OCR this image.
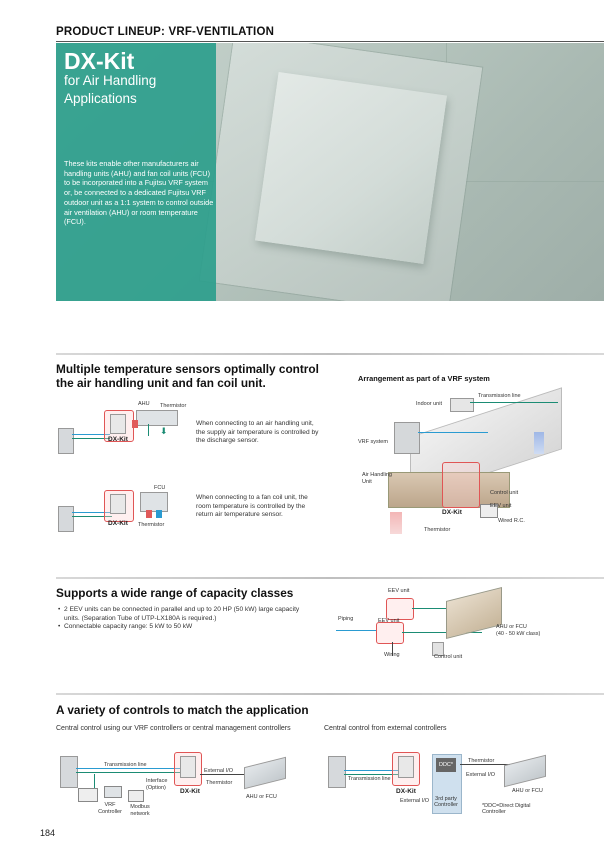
PRODUCT LINEUP: VRF-VENTILATION
DX-Kit
for Air Handling
Applications
These kits enable other manufacturers air handling units (AHU) and fan coil units (FCU) to be incorporated into a Fujitsu VRF system or, be connected to a dedicated Fujitsu VRF outdoor unit as a 1:1 system to control outside air ventilation (AHU) or room temperature (FCU).
Multiple temperature sensors optimally control
the air handling unit and fan coil unit.
AHU Thermistor
DX-Kit
⬇
When connecting to an air handling unit, the supply air temperature is controlled by the discharge sensor.
FCU
DX-Kit Thermistor
When connecting to a fan coil unit, the room temperature is controlled by the return air temperature sensor.
Arrangement as part of a VRF system
Transmission line
Indoor unit
VRF system
Air Handling Unit
Control unit
EEV unit
DX-Kit
Wired R.C.
Thermistor
Supports a wide range of capacity classes
• 2 EEV units can be connected in parallel and up to 20 HP (50 kW) large capacity units. (Separation Tube of UTP-LX180A is required.)
• Connectable capacity range: 5 kW to 50 kW
EEV unit
Piping	EEV unit
AHU or FCU
(40 - 50 kW class)
Wiring	Control unit
A variety of controls to match the application
Central control using our VRF controllers or central management controllers	Central control from external controllers
Transmission line
External I/O
Interface (Option)
DX-Kit
Thermistor
VRF Controller
Modbus network
AHU or FCU
DDC*
Thermistor
Transmission line
External I/O
DX-Kit
External I/O	3rd party Controller
AHU or FCU
*DDC=Direct Digital Controller
184
